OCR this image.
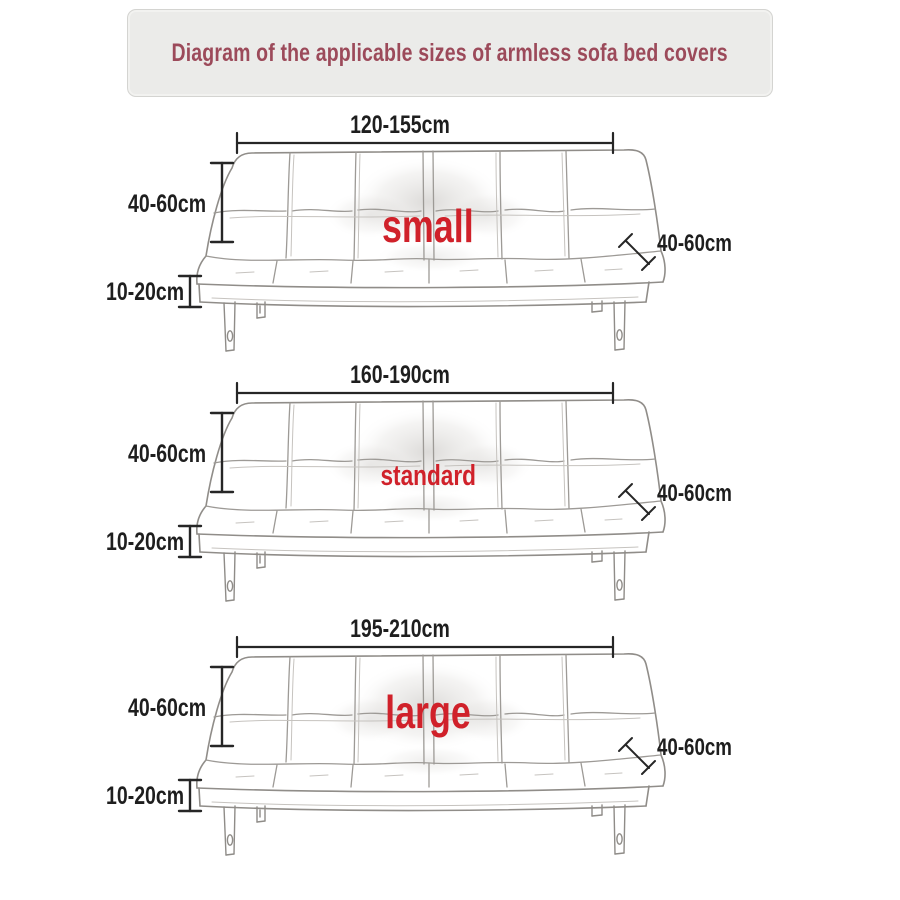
Diagram of the applicable sizes of armless sofa bed covers
120-155cm
40-60cm
10-20cm
40-60cm
small
160-190cm
40-60cm
10-20cm
40-60cm
standard
195-210cm
40-60cm
10-20cm
40-60cm
large
